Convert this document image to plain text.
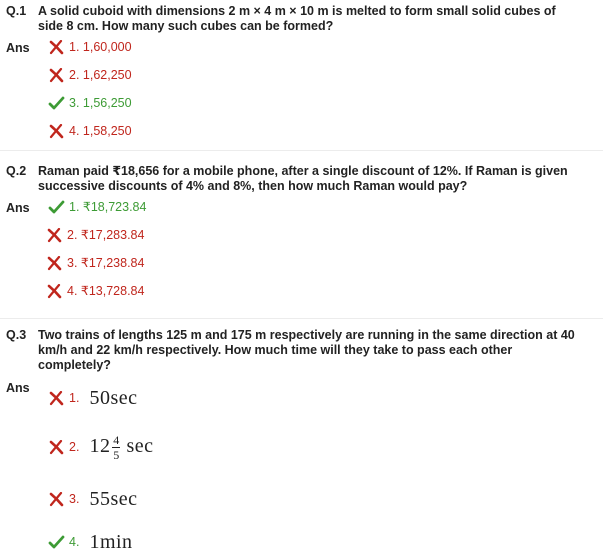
Q.1 A solid cuboid with dimensions 2 m × 4 m × 10 m is melted to form small solid cubes of side 8 cm. How many such cubes can be formed?
Ans	1. 1,60,000
2. 1,62,250
3. 1,56,250
4. 1,58,250
Q.2 Raman paid ₹18,656 for a mobile phone, after a single discount of 12%. If Raman is given successive discounts of 4% and 8%, then how much Raman would pay?
Ans	1. ₹18,723.84
2. ₹17,283.84
3. ₹17,238.84
4. ₹13,728.84
Q.3 Two trains of lengths 125 m and 175 m respectively are running in the same direction at 40 km/h and 22 km/h respectively. How much time will they take to pass each other completely?
Ans
1. 50sec
2. $12 \frac{4}{5}$ sec
3. 55sec
4. 1min
